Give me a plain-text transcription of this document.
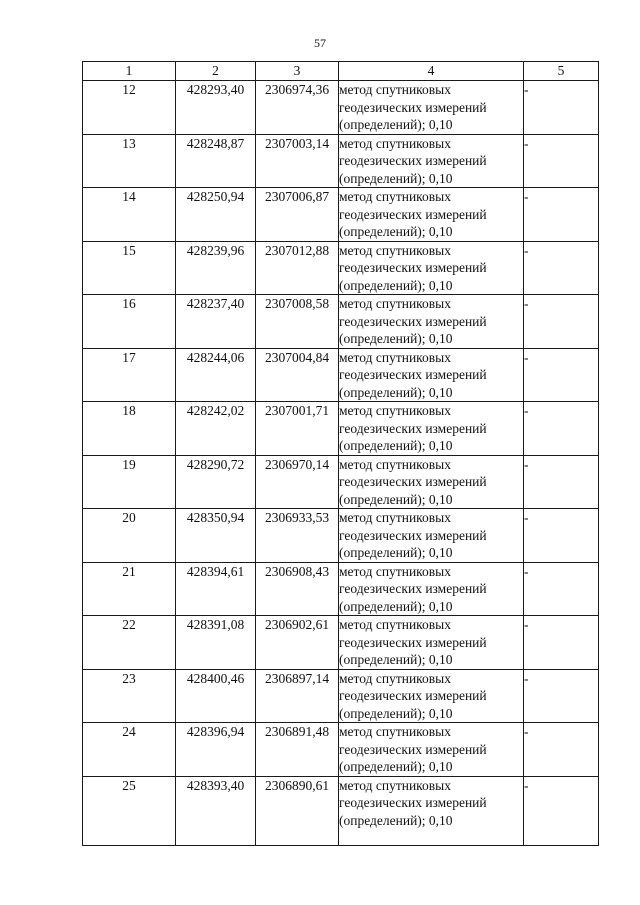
57
1	2	3	4	5
12	428293,40	2306974,36	метод спутниковых геодезических измерений (определений); 0,10	-
13	428248,87	2307003,14	метод спутниковых геодезических измерений (определений); 0,10	-
14	428250,94	2307006,87	метод спутниковых геодезических измерений (определений); 0,10	-
15	428239,96	2307012,88	метод спутниковых геодезических измерений (определений); 0,10	-
16	428237,40	2307008,58	метод спутниковых геодезических измерений (определений); 0,10	-
17	428244,06	2307004,84	метод спутниковых геодезических измерений (определений); 0,10	-
18	428242,02	2307001,71	метод спутниковых геодезических измерений (определений); 0,10	-
19	428290,72	2306970,14	метод спутниковых геодезических измерений (определений); 0,10	-
20	428350,94	2306933,53	метод спутниковых геодезических измерений (определений); 0,10	-
21	428394,61	2306908,43	метод спутниковых геодезических измерений (определений); 0,10	-
22	428391,08	2306902,61	метод спутниковых геодезических измерений (определений); 0,10	-
23	428400,46	2306897,14	метод спутниковых геодезических измерений (определений); 0,10	-
24	428396,94	2306891,48	метод спутниковых геодезических измерений (определений); 0,10	-
25	428393,40	2306890,61	метод спутниковых геодезических измерений (определений); 0,10	-
